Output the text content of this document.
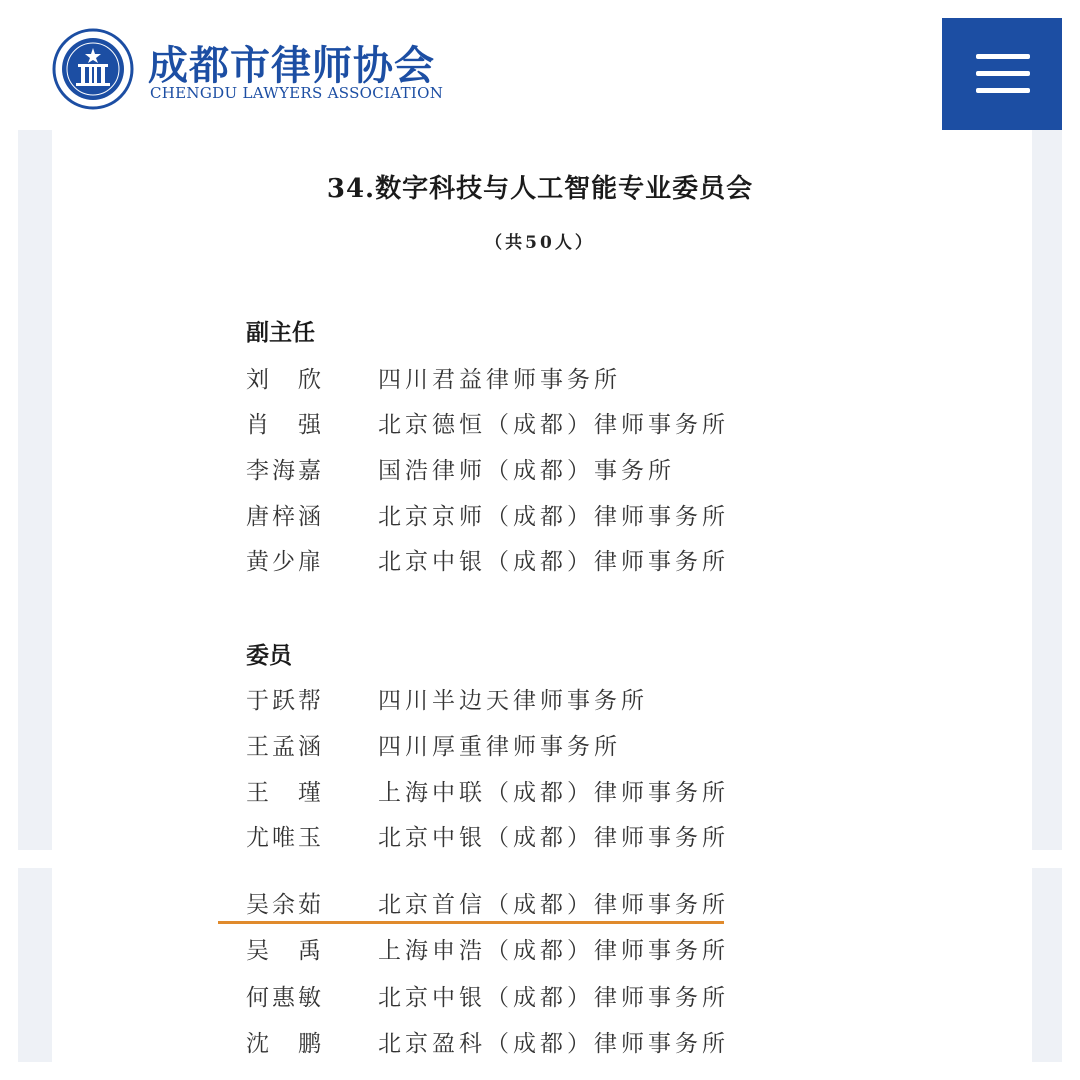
成都市律师协会
CHENGDU LAWYERS ASSOCIATION
34.数字科技与人工智能专业委员会
（共50人）
副主任
刘　欣	四川君益律师事务所
肖　强	北京德恒（成都）律师事务所
李海嘉	国浩律师（成都）事务所
唐梓涵	北京京师（成都）律师事务所
黄少扉	北京中银（成都）律师事务所
委员
于跃帮	四川半边天律师事务所
王孟涵	四川厚重律师事务所
王　瑾	上海中联（成都）律师事务所
尤唯玉	北京中银（成都）律师事务所
吴余茹	北京首信（成都）律师事务所
吴　禹	上海申浩（成都）律师事务所
何惠敏	北京中银（成都）律师事务所
沈　鹏	北京盈科（成都）律师事务所
